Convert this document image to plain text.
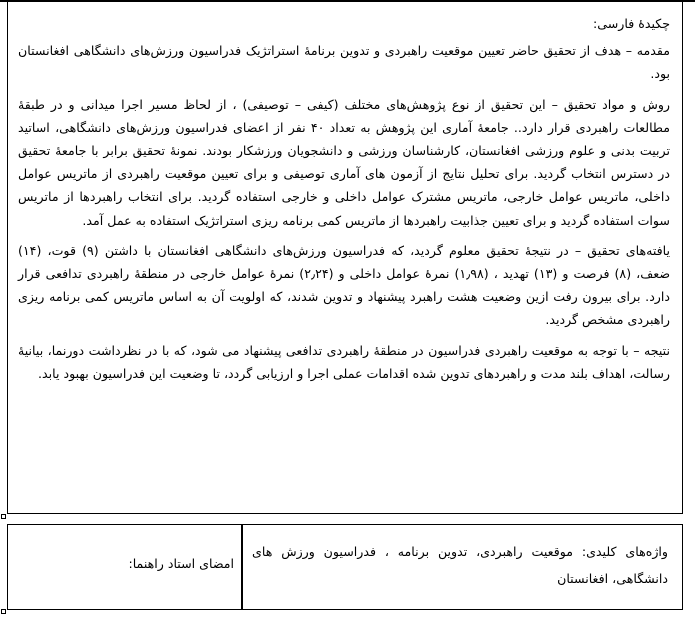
چکیدۀ فارسی:

مقدمه – هدف از تحقیق حاضر تعیین موقعیت راهبردی و تدوین برنامۀ استراتژیک فدراسیون ورزش‌های دانشگاهی افغانستان بود.

روش و مواد تحقیق – این تحقیق از نوع پژوهش‌های مختلف (کیفی – توصیفی) ، از لحاظ مسیر اجرا میدانی و در طبقۀ مطالعات راهبردی قرار دارد.. جامعۀ آماری این پژوهش به تعداد ۴۰ نفر از اعضای فدراسیون ورزش‌های دانشگاهی، اساتید تربیت بدنی و علوم ورزشی افغانستان، کارشناسان ورزشی و دانشجویان ورزشکار بودند. نمونۀ تحقیق برابر با جامعۀ تحقیق در دسترس انتخاب گردید. برای تحلیل نتایج از آزمون های آماری توصیفی و برای تعیین موقعیت راهبردی از ماتریس عوامل داخلی، ماتریس عوامل خارجی، ماتریس مشترک عوامل داخلی و خارجی استفاده گردید. برای انتخاب راهبردها از ماتریس سوات استفاده گردید و برای تعیین جذابیت راهبردها از ماتریس کمی برنامه ریزی استراتژیک استفاده به عمل آمد.

یافته‌های تحقیق – در نتیجۀ تحقیق معلوم گردید، که فدراسیون ورزش‌های دانشگاهی افغانستان با داشتن (۹) قوت، (۱۴) ضعف، (۸) فرصت و (۱۳) تهدید ، (۱٫۹۸) نمرۀ عوامل داخلی و (۲٫۲۴) نمرۀ عوامل خارجی در منطقۀ راهبردی تدافعی قرار دارد. برای بیرون رفت ازین وضعیت هشت راهبرد پیشنهاد و تدوین شدند، که اولویت آن به اساس ماتریس کمی برنامه ریزی راهبردی مشخص گردید.

نتیجه – با توجه به موقعیت راهبردی فدراسیون در منطقۀ راهبردی تدافعی پیشنهاد می شود، که با در نظرداشت دورنما، بیانیۀ رسالت، اهداف بلند مدت و راهبردهای تدوین شده اقدامات عملی اجرا و ارزیابی گردد، تا وضعیت این فدراسیون بهبود یابد.

واژه‌های کلیدی: موقعیت راهبردی، تدوین برنامه ، فدراسیون ورزش های دانشگاهی، افغانستان
امضای استاد راهنما:
